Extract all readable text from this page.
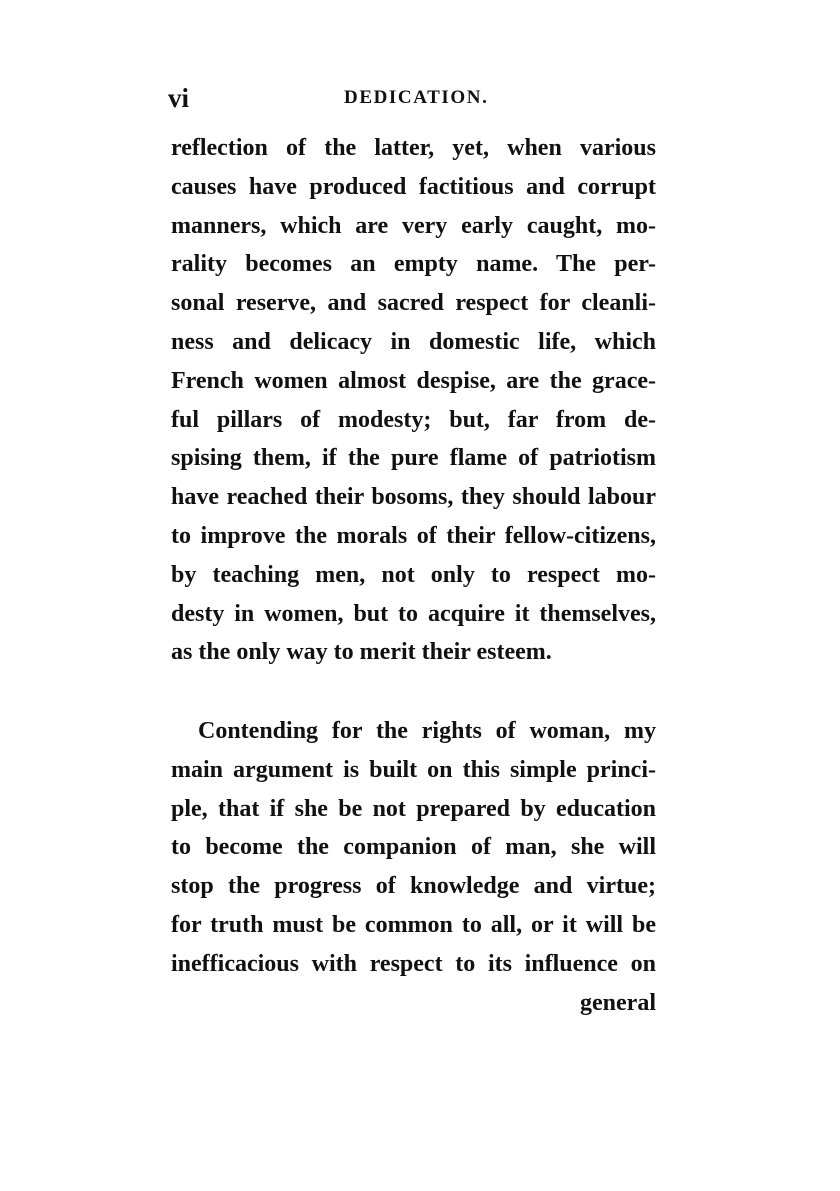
vi	DEDICATION.
reflection of the latter, yet, when various
causes have produced factitious and corrupt
manners, which are very early caught, mo-
rality becomes an empty name. The per-
sonal reserve, and sacred respect for cleanli-
ness and delicacy in domestic life, which
French women almost despise, are the grace-
ful pillars of modesty; but, far from de-
spising them, if the pure flame of patriotism
have reached their bosoms, they should labour
to improve the morals of their fellow-citizens,
by teaching men, not only to respect mo-
desty in women, but to acquire it themselves,
as the only way to merit their esteem.
Contending for the rights of woman, my
main argument is built on this simple princi-
ple, that if she be not prepared by education
to become the companion of man, she will
stop the progress of knowledge and virtue;
for truth must be common to all, or it will be
inefficacious with respect to its influence on
general
